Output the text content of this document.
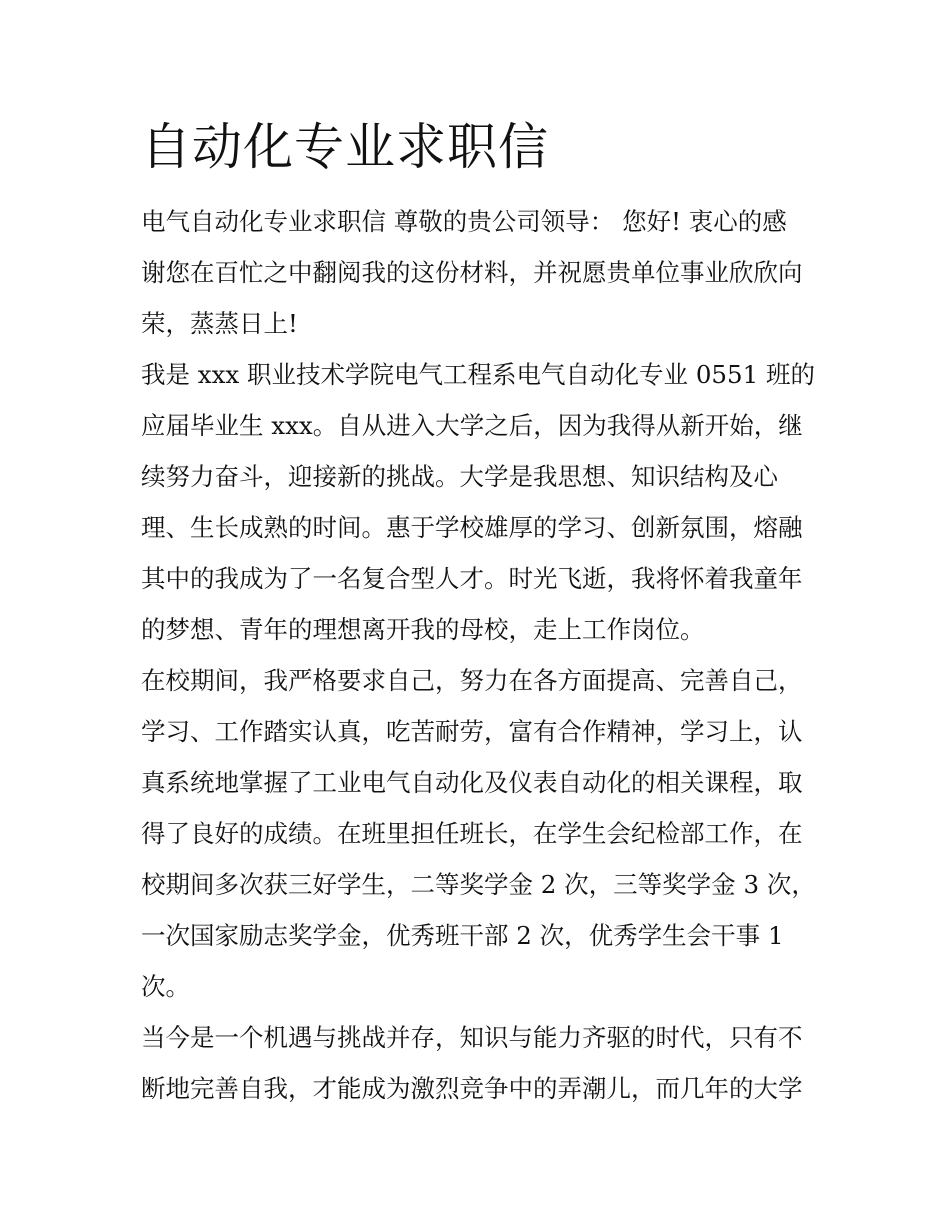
自动化专业求职信

电气自动化专业求职信 尊敬的贵公司领导： 您好! 衷心的感
谢您在百忙之中翻阅我的这份材料，并祝愿贵单位事业欣欣向
荣，蒸蒸日上!

我是 xxx 职业技术学院电气工程系电气自动化专业 0551 班的
应届毕业生 xxx。自从进入大学之后，因为我得从新开始，继
续努力奋斗，迎接新的挑战。大学是我思想、知识结构及心
理、生长成熟的时间。惠于学校雄厚的学习、创新氛围，熔融
其中的我成为了一名复合型人才。时光飞逝，我将怀着我童年
的梦想、青年的理想离开我的母校，走上工作岗位。

在校期间，我严格要求自己，努力在各方面提高、完善自己，
学习、工作踏实认真，吃苦耐劳，富有合作精神，学习上，认
真系统地掌握了工业电气自动化及仪表自动化的相关课程，取
得了良好的成绩。在班里担任班长，在学生会纪检部工作，在
校期间多次获三好学生，二等奖学金 2 次，三等奖学金 3 次，
一次国家励志奖学金，优秀班干部 2 次，优秀学生会干事 1
次。

当今是一个机遇与挑战并存，知识与能力齐驱的时代，只有不
断地完善自我，才能成为激烈竞争中的弄潮儿，而几年的大学
